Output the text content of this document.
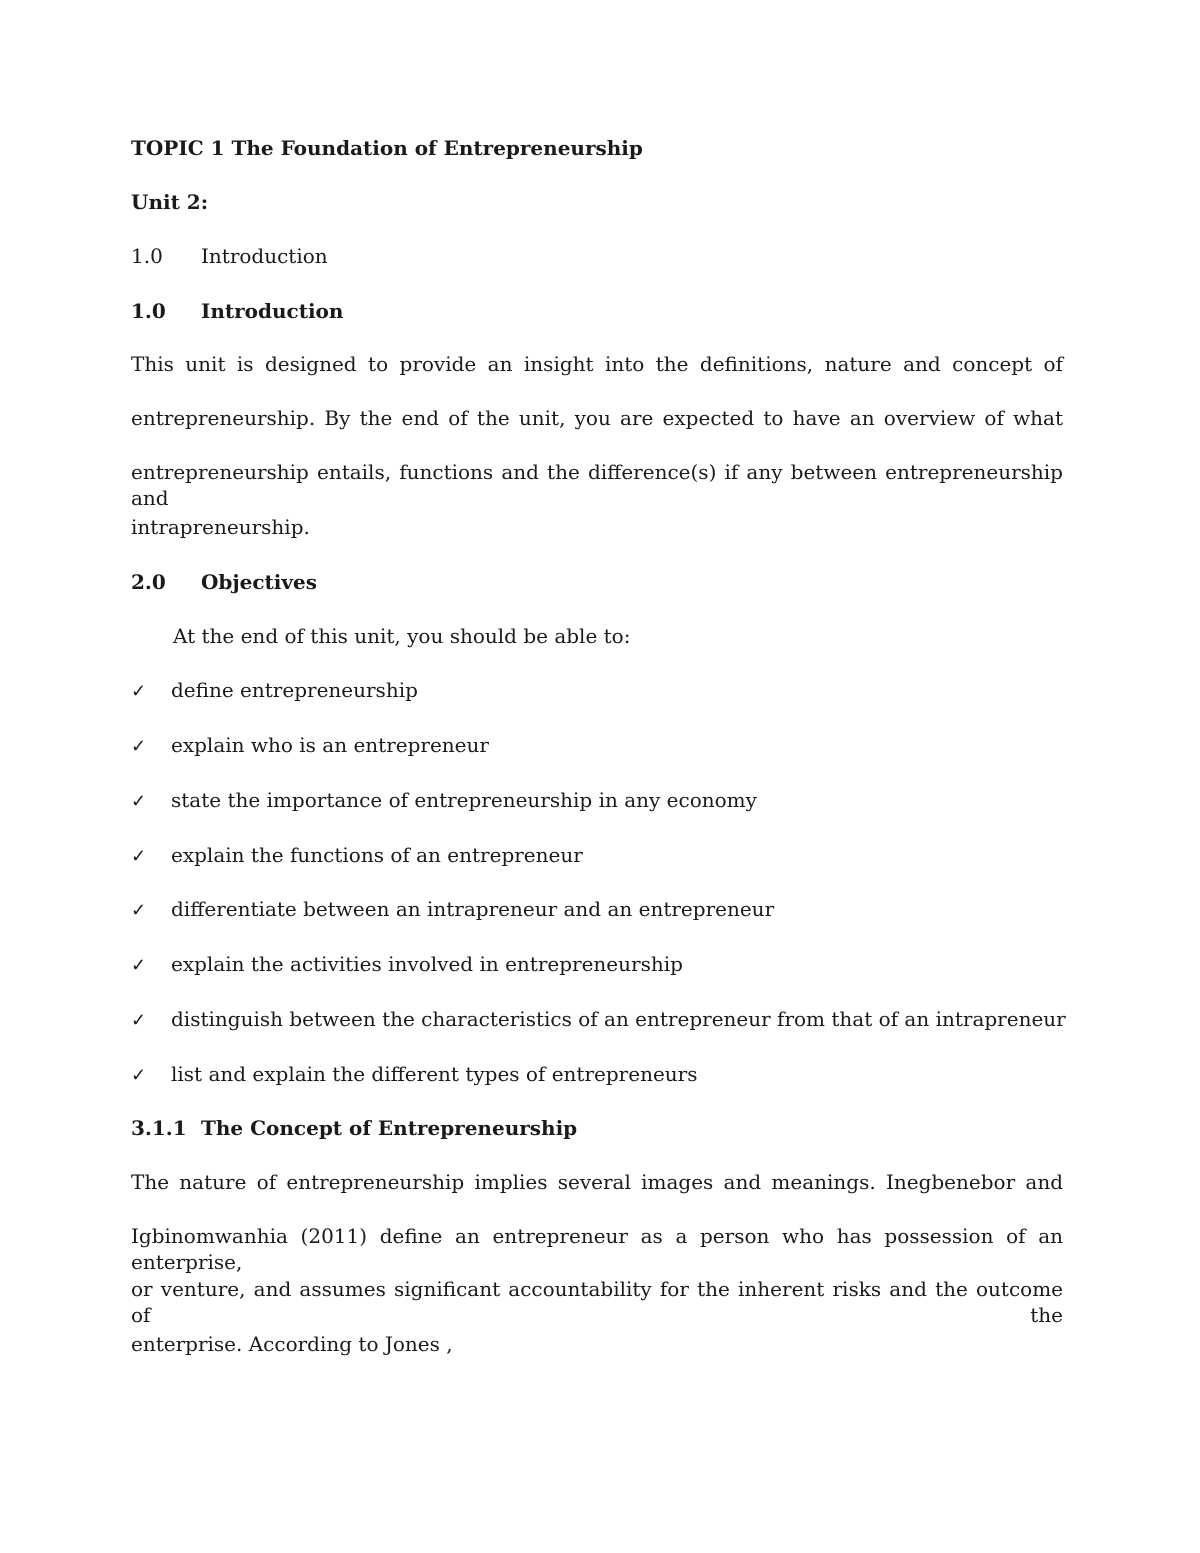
TOPIC 1 The Foundation of Entrepreneurship
Unit 2:
1.0 Introduction
1.0 Introduction
This unit is designed to provide an insight into the definitions, nature and concept of
entrepreneurship. By the end of the unit, you are expected to have an overview of what
entrepreneurship entails, functions and the difference(s) if any between entrepreneurship and
intrapreneurship.
2.0 Objectives
At the end of this unit, you should be able to:
✓ define entrepreneurship
✓ explain who is an entrepreneur
✓ state the importance of entrepreneurship in any economy
✓ explain the functions of an entrepreneur
✓ differentiate between an intrapreneur and an entrepreneur
✓ explain the activities involved in entrepreneurship
✓ distinguish between the characteristics of an entrepreneur from that of an intrapreneur
✓ list and explain the different types of entrepreneurs
3.1.1 The Concept of Entrepreneurship
The nature of entrepreneurship implies several images and meanings. Inegbenebor and
Igbinomwanhia (2011) define an entrepreneur as a person who has possession of an enterprise,
or venture, and assumes significant accountability for the inherent risks and the outcome of the
enterprise. According to Jones ,
